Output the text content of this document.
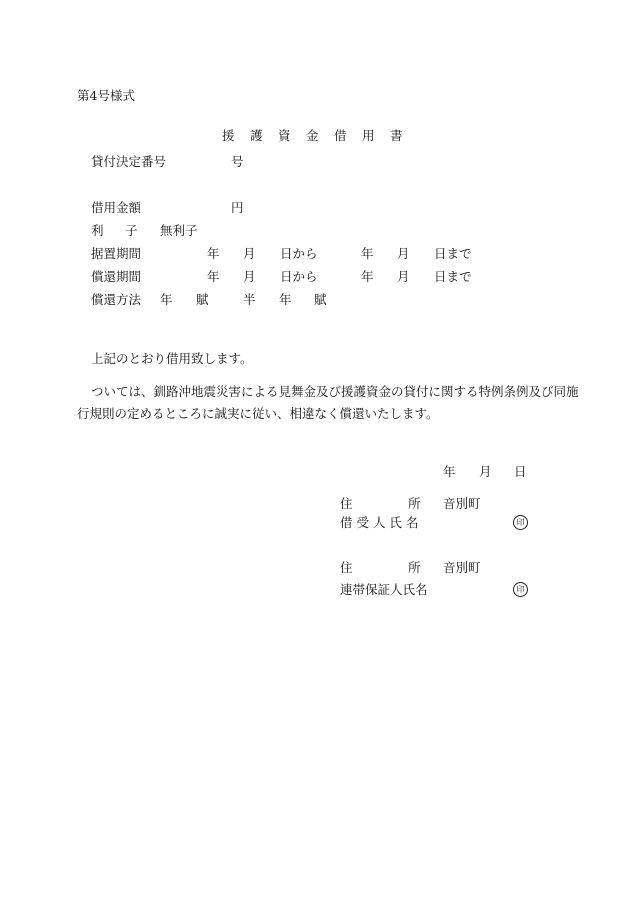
第4号様式
援 護 資 金 借 用 書
貸付決定番号	号
借用金額	円
利 子 無利子
据置期間	年 月 日から	年 月 日まで
償還期間	年 月 日から	年 月 日まで
償還方法 年 賦	半 年 賦
上記のとおり借用致します。
ついては、釧路沖地震災害による見舞金及び援護資金の貸付に関する特例条例及び同施
行規則の定めるところに誠実に従い、相違なく償還いたします。
年 月 日
住	所 音別町
借 受 人 氏 名	印
住	所 音別町
連帯保証人氏名	印
